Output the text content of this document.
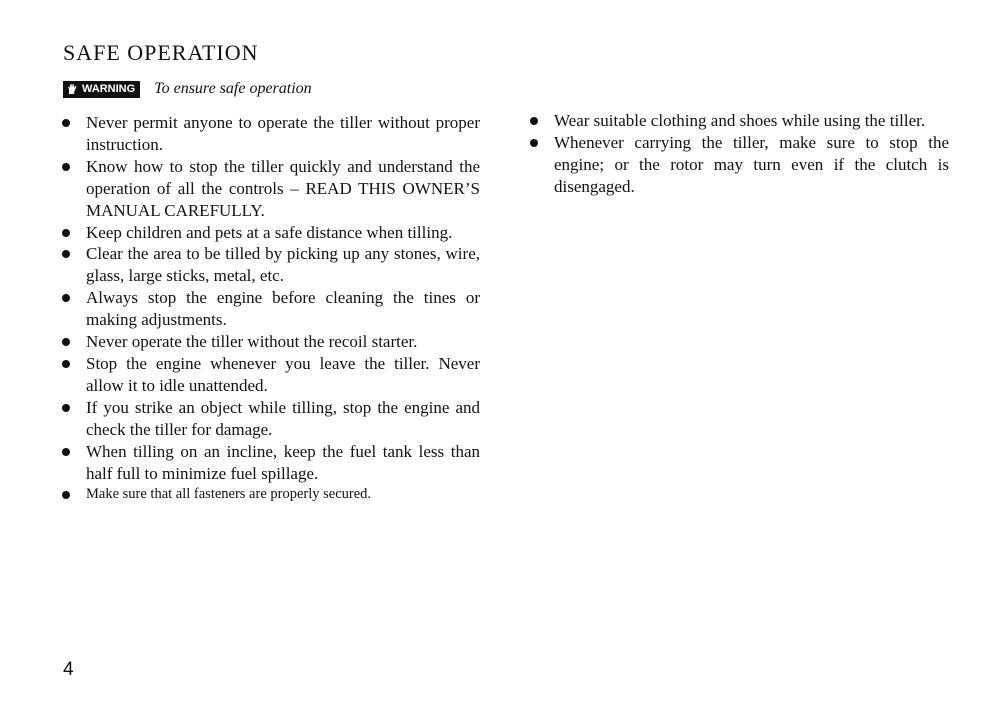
SAFE OPERATION
WARNING To ensure safe operation
Never permit anyone to operate the tiller without proper instruction.
Know how to stop the tiller quickly and understand the operation of all the controls – READ THIS OWNER’S MANUAL CAREFULLY.
Keep children and pets at a safe distance when tilling.
Clear the area to be tilled by picking up any stones, wire, glass, large sticks, metal, etc.
Always stop the engine before cleaning the tines or making adjustments.
Never operate the tiller without the recoil starter.
Stop the engine whenever you leave the tiller. Never allow it to idle unattended.
If you strike an object while tilling, stop the engine and check the tiller for damage.
When tilling on an incline, keep the fuel tank less than half full to minimize fuel spillage.
Make sure that all fasteners are properly secured.
Wear suitable clothing and shoes while using the tiller.
Whenever carrying the tiller, make sure to stop the engine; or the rotor may turn even if the clutch is disengaged.
4
